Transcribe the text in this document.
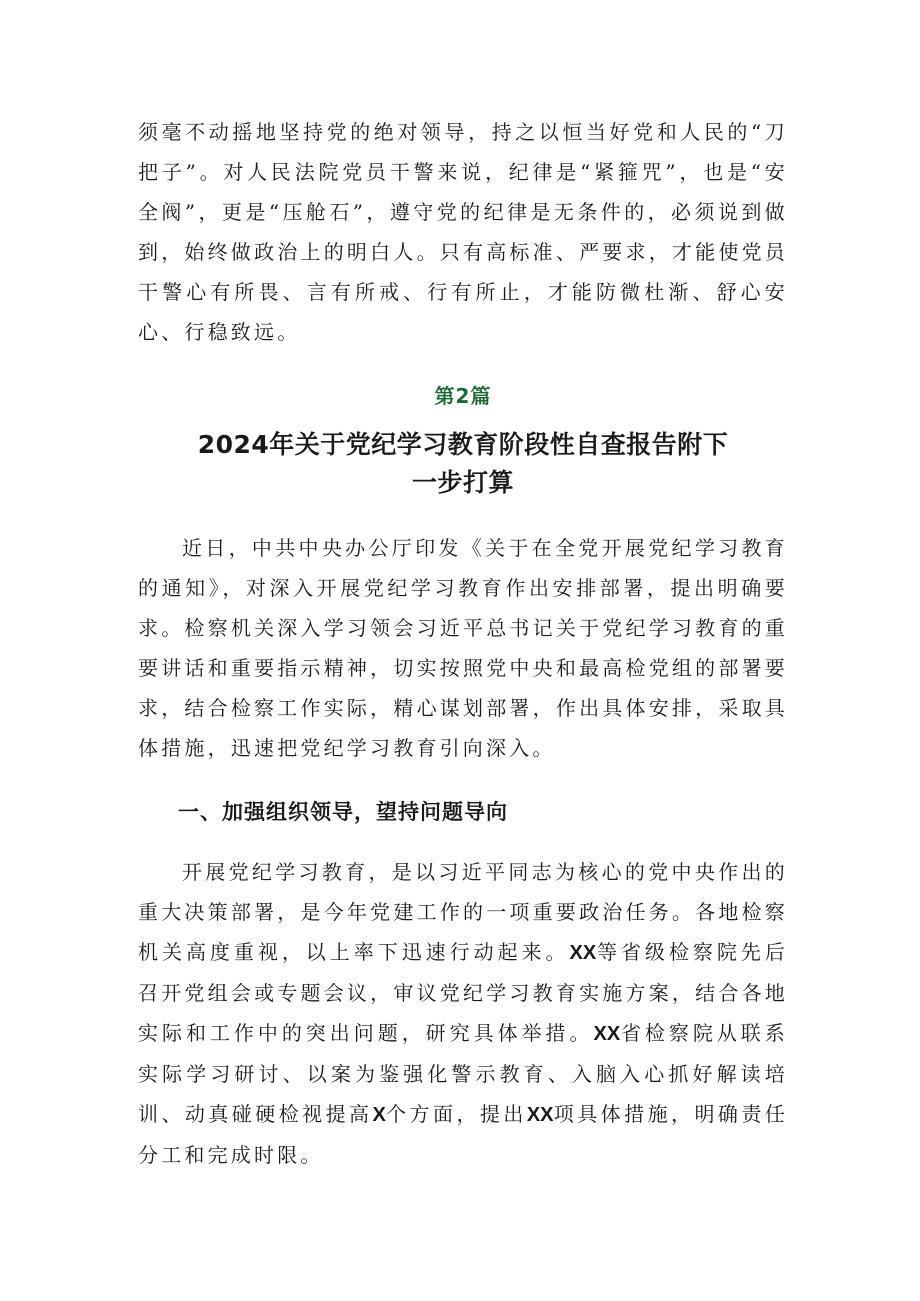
须毫不动摇地坚持党的绝对领导，持之以恒当好党和人民的“刀把子”。对人民法院党员干警来说，纪律是“紧箍咒”，也是“安全阀”，更是“压舱石”，遵守党的纪律是无条件的，必须说到做到，始终做政治上的明白人。只有高标准、严要求，才能使党员干警心有所畏、言有所戒、行有所止，才能防微杜渐、舒心安心、行稳致远。

第2篇
2024年关于党纪学习教育阶段性自查报告附下
一步打算

近日，中共中央办公厅印发《关于在全党开展党纪学习教育的通知》，对深入开展党纪学习教育作出安排部署，提出明确要求。检察机关深入学习领会习近平总书记关于党纪学习教育的重要讲话和重要指示精神，切实按照党中央和最高检党组的部署要求，结合检察工作实际，精心谋划部署，作出具体安排，采取具体措施，迅速把党纪学习教育引向深入。

一、加强组织领导，望持问题导向

开展党纪学习教育，是以习近平同志为核心的党中央作出的重大决策部署，是今年党建工作的一项重要政治任务。各地检察机关高度重视，以上率下迅速行动起来。XX等省级检察院先后召开党组会或专题会议，审议党纪学习教育实施方案，结合各地实际和工作中的突出问题，研究具体举措。XX省检察院从联系实际学习研讨、以案为鉴强化警示教育、入脑入心抓好解读培训、动真碰硬检视提高X个方面，提出XX项具体措施，明确责任分工和完成时限。
